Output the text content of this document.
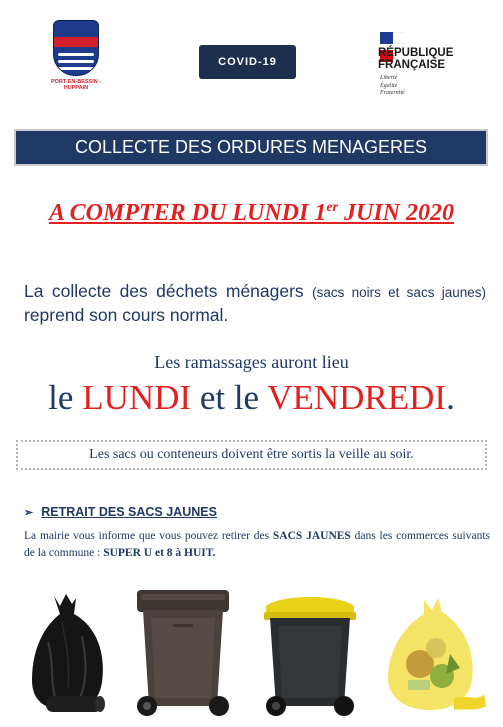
PORT-EN-BESSIN - HUPPAIN
COVID-19
RÉPUBLIQUE
FRANÇAISE
Liberté
Égalité
Fraternité
COLLECTE DES ORDURES MENAGERES
A COMPTER DU LUNDI 1er JUIN 2020
La collecte des déchets ménagers (sacs noirs et sacs jaunes) reprend son cours normal.
Les ramassages auront lieu
le LUNDI et le VENDREDI.
Les sacs ou conteneurs doivent être sortis la veille au soir.
➢ RETRAIT DES SACS JAUNES
La mairie vous informe que vous pouvez retirer des SACS JAUNES dans les commerces suivants de la commune : SUPER U et 8 à HUIT.
